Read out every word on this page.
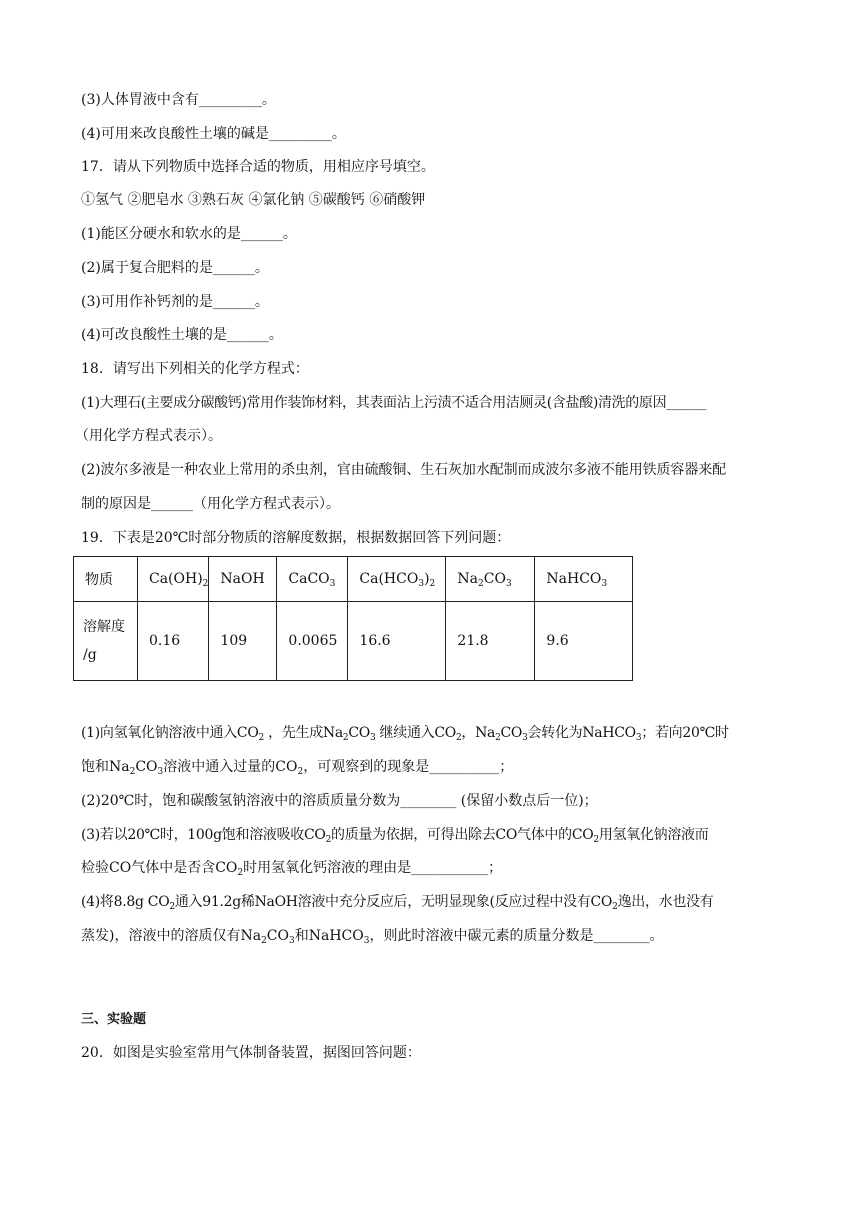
(3)人体胃液中含有_________。
(4)可用来改良酸性土壤的碱是_________。
17．请从下列物质中选择合适的物质，用相应序号填空。
①氢气 ②肥皂水 ③熟石灰 ④氯化钠 ⑤碳酸钙 ⑥硝酸钾
(1)能区分硬水和软水的是______。
(2)属于复合肥料的是______。
(3)可用作补钙剂的是______。
(4)可改良酸性土壤的是______。
18．请写出下列相关的化学方程式：
(1)大理石(主要成分碳酸钙)常用作装饰材料，其表面沾上污渍不适合用洁厕灵(含盐酸)清洗的原因______
（用化学方程式表示）。
(2)波尔多液是一种农业上常用的杀虫剂，官由硫酸铜、生石灰加水配制而成波尔多液不能用铁质容器来配
制的原因是______（用化学方程式表示）。
19．下表是20℃时部分物质的溶解度数据，根据数据回答下列问题：
物质	$Ca(OH)_2$	NaOH	CaCO$_3$	$Ca(HCO_3)_2$	$Na_2CO_3$	NaHCO$_3$
溶解度
/g	0.16	109	0.0065	16.6	21.8	9.6
(1)向氢氧化钠溶液中通入$CO_2$ ，先生成$Na_2CO_3$ 继续通入$CO_2$，$Na_2CO_3$会转化为NaHCO$_3$；若向20℃时
饱和$Na_2CO_3$溶液中通入过量的$CO_2$，可观察到的现象是__________；
(2)20℃时，饱和碳酸氢钠溶液中的溶质质量分数为________ (保留小数点后一位)；
(3)若以20℃时，100g饱和溶液吸收$CO_2$的质量为依据，可得出除去CO气体中的$CO_2$用氢氧化钠溶液而
检验CO气体中是否含$CO_2$时用氢氧化钙溶液的理由是___________；
(4)将8.8g $CO_2$通入91.2g稀NaOH溶液中充分反应后，无明显现象(反应过程中没有$CO_2$逸出，水也没有
蒸发)，溶液中的溶质仅有$Na_2CO_3$和NaHCO$_3$，则此时溶液中碳元素的质量分数是________。
三、实验题
20．如图是实验室常用气体制备装置，据图回答问题：
